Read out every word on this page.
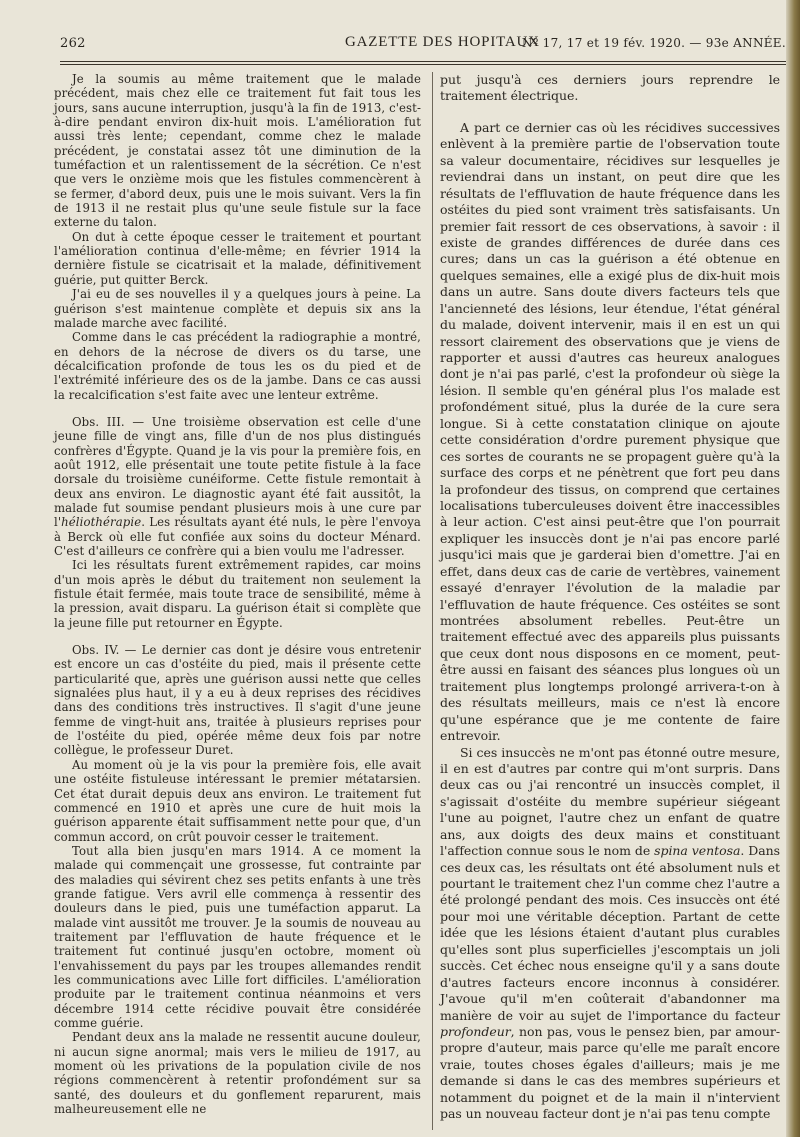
262	GAZETTE DES HOPITAUX
Nº 17, 17 et 19 fév. 1920. — 93e ANNÉE.

Je la soumis au même traitement que le malade précédent, mais chez elle ce traitement fut fait tous les jours, sans aucune interruption, jusqu'à la fin de 1913, c'est-à-dire pendant environ dix-huit mois. L'amélioration fut aussi très lente; cependant, comme chez le malade précédent, je constatai assez tôt une diminution de la tuméfaction et un ralentissement de la sécrétion. Ce n'est que vers le onzième mois que les fistules commencèrent à se fermer, d'abord deux, puis une le mois suivant. Vers la fin de 1913 il ne restait plus qu'une seule fistule sur la face externe du talon.

On dut à cette époque cesser le traitement et pourtant l'amélioration continua d'elle-même; en février 1914 la dernière fistule se cicatrisait et la malade, définitivement guérie, put quitter Berck.

J'ai eu de ses nouvelles il y a quelques jours à peine. La guérison s'est maintenue complète et depuis six ans la malade marche avec facilité.

Comme dans le cas précédent la radiographie a montré, en dehors de la nécrose de divers os du tarse, une décalcification profonde de tous les os du pied et de l'extrémité inférieure des os de la jambe. Dans ce cas aussi la recalcification s'est faite avec une lenteur extrême.

Obs. III. — Une troisième observation est celle d'une jeune fille de vingt ans, fille d'un de nos plus distingués confrères d'Égypte. Quand je la vis pour la première fois, en août 1912, elle présentait une toute petite fistule à la face dorsale du troisième cunéiforme. Cette fistule remontait à deux ans environ. Le diagnostic ayant été fait aussitôt, la malade fut soumise pendant plusieurs mois à une cure par l'héliothérapie. Les résultats ayant été nuls, le père l'envoya à Berck où elle fut confiée aux soins du docteur Ménard. C'est d'ailleurs ce confrère qui a bien voulu me l'adresser.

Ici les résultats furent extrêmement rapides, car moins d'un mois après le début du traitement non seulement la fistule était fermée, mais toute trace de sensibilité, même à la pression, avait disparu. La guérison était si complète que la jeune fille put retourner en Égypte.

Obs. IV. — Le dernier cas dont je désire vous entretenir est encore un cas d'ostéite du pied, mais il présente cette particularité que, après une guérison aussi nette que celles signalées plus haut, il y a eu à deux reprises des récidives dans des conditions très instructives. Il s'agit d'une jeune femme de vingt-huit ans, traitée à plusieurs reprises pour de l'ostéite du pied, opérée même deux fois par notre collègue, le professeur Duret.

Au moment où je la vis pour la première fois, elle avait une ostéite fistuleuse intéressant le premier métatarsien. Cet état durait depuis deux ans environ. Le traitement fut commencé en 1910 et après une cure de huit mois la guérison apparente était suffisamment nette pour que, d'un commun accord, on crût pouvoir cesser le traitement.

Tout alla bien jusqu'en mars 1914. A ce moment la malade qui commençait une grossesse, fut contrainte par des maladies qui sévirent chez ses petits enfants à une très grande fatigue. Vers avril elle commença à ressentir des douleurs dans le pied, puis une tuméfaction apparut. La malade vint aussitôt me trouver. Je la soumis de nouveau au traitement par l'effluvation de haute fréquence et le traitement fut continué jusqu'en octobre, moment où l'envahissement du pays par les troupes allemandes rendit les communications avec Lille fort difficiles. L'amélioration produite par le traitement continua néanmoins et vers décembre 1914 cette récidive pouvait être considérée comme guérie.

Pendant deux ans la malade ne ressentit aucune douleur, ni aucun signe anormal; mais vers le milieu de 1917, au moment où les privations de la population civile de nos régions commencèrent à retentir profondément sur sa santé, des douleurs et du gonflement reparurent, mais malheureusement elle ne

put jusqu'à ces derniers jours reprendre le traitement électrique.

A part ce dernier cas où les récidives successives enlèvent à la première partie de l'observation toute sa valeur documentaire, récidives sur lesquelles je reviendrai dans un instant, on peut dire que les résultats de l'effluvation de haute fréquence dans les ostéites du pied sont vraiment très satisfaisants. Un premier fait ressort de ces observations, à savoir : il existe de grandes différences de durée dans ces cures; dans un cas la guérison a été obtenue en quelques semaines, elle a exigé plus de dix-huit mois dans un autre. Sans doute divers facteurs tels que l'ancienneté des lésions, leur étendue, l'état général du malade, doivent intervenir, mais il en est un qui ressort clairement des observations que je viens de rapporter et aussi d'autres cas heureux analogues dont je n'ai pas parlé, c'est la profondeur où siège la lésion. Il semble qu'en général plus l'os malade est profondément situé, plus la durée de la cure sera longue. Si à cette constatation clinique on ajoute cette considération d'ordre purement physique que ces sortes de courants ne se propagent guère qu'à la surface des corps et ne pénètrent que fort peu dans la profondeur des tissus, on comprend que certaines localisations tuberculeuses doivent être inaccessibles à leur action. C'est ainsi peut-être que l'on pourrait expliquer les insuccès dont je n'ai pas encore parlé jusqu'ici mais que je garderai bien d'omettre. J'ai en effet, dans deux cas de carie de vertèbres, vainement essayé d'enrayer l'évolution de la maladie par l'effluvation de haute fréquence. Ces ostéites se sont montrées absolument rebelles. Peut-être un traitement effectué avec des appareils plus puissants que ceux dont nous disposons en ce moment, peut-être aussi en faisant des séances plus longues où un traitement plus longtemps prolongé arrivera-t-on à des résultats meilleurs, mais ce n'est là encore qu'une espérance que je me contente de faire entrevoir.

Si ces insuccès ne m'ont pas étonné outre mesure, il en est d'autres par contre qui m'ont surpris. Dans deux cas ou j'ai rencontré un insuccès complet, il s'agissait d'ostéite du membre supérieur siégeant l'une au poignet, l'autre chez un enfant de quatre ans, aux doigts des deux mains et constituant l'affection connue sous le nom de spina ventosa. Dans ces deux cas, les résultats ont été absolument nuls et pourtant le traitement chez l'un comme chez l'autre a été prolongé pendant des mois. Ces insuccès ont été pour moi une véritable déception. Partant de cette idée que les lésions étaient d'autant plus curables qu'elles sont plus superficielles j'escomptais un joli succès. Cet échec nous enseigne qu'il y a sans doute d'autres facteurs encore inconnus à considérer. J'avoue qu'il m'en coûterait d'abandonner ma manière de voir au sujet de l'importance du facteur profondeur, non pas, vous le pensez bien, par amour-propre d'auteur, mais parce qu'elle me paraît encore vraie, toutes choses égales d'ailleurs; mais je me demande si dans le cas des membres supérieurs et notamment du poignet et de la main il n'intervient pas un nouveau facteur dont je n'ai pas tenu compte
